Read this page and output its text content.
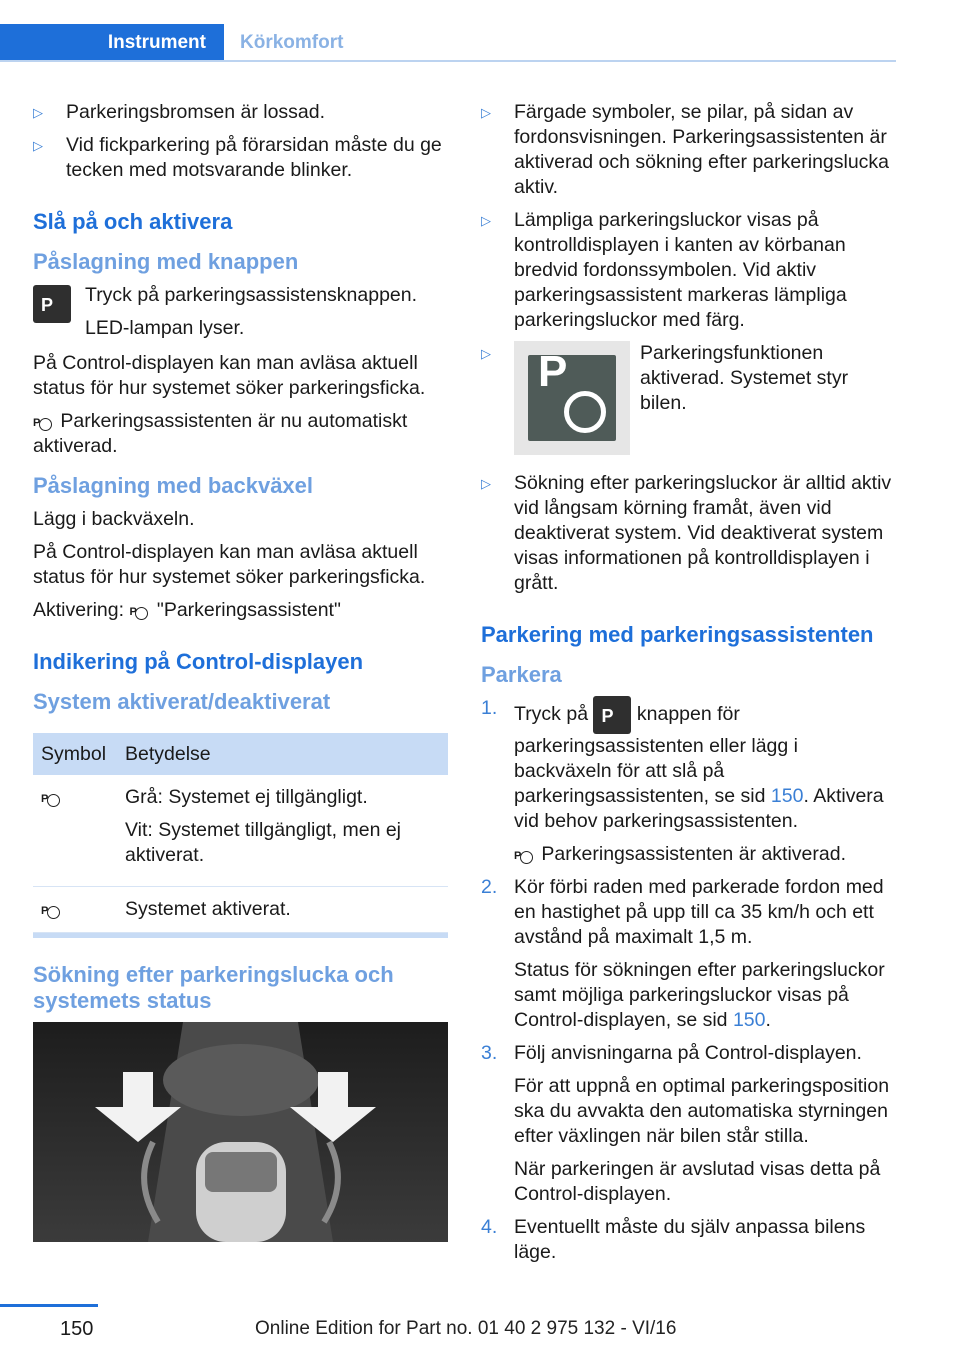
Instrument	Körkomfort
▷ Parkeringsbromsen är lossad.
▷ Vid fickparkering på förarsidan måste du ge tecken med motsvarande blinker.
Slå på och aktivera
Påslagning med knappen
P Tryck på parkeringsassistensknappen.

LED-lampan lyser.

På Control-displayen kan man avläsa aktuell status för hur systemet söker parkeringsficka.

P Parkeringsassistenten är nu automatiskt aktiverad.

Påslagning med backväxel

Lägg i backväxeln.

På Control-displayen kan man avläsa aktuell status för hur systemet söker parkeringsficka.

Aktivering: P "Parkeringsassistent"

Indikering på Control-displayen
System aktiverat/deaktiverat
Symbol	Betydelse

P	Grå: Systemet ej tillgängligt.

Vit: Systemet tillgängligt, men ej aktiverat.

P	Systemet aktiverat.
Sökning efter parkeringslucka och systemets status
▷ Färgade symboler, se pilar, på sidan av fordonsvisningen. Parkeringsassistenten är aktiverad och sökning efter parkeringslucka aktiv.
▷ Lämpliga parkeringsluckor visas på kontrolldisplayen i kanten av körbanan bredvid fordonssymbolen. Vid aktiv parkeringsassistent markeras lämpliga parkeringsluckor med färg.
▷ P	Parkeringsfunktionen aktiverad. Systemet styr bilen.
▷ Sökning efter parkeringsluckor är alltid aktiv vid långsam körning framåt, även vid deaktiverat system. Vid deaktiverat system visas informationen på kontrolldisplayen i grått.
Parkering med parkeringsassistenten
Parkera
1. Tryck på P knappen för parkeringsassistenten eller lägg i backväxeln för att slå på parkeringsassistenten, se sid 150. Aktivera vid behov parkeringsassistenten.

P Parkeringsassistenten är aktiverad.

2. Kör förbi raden med parkerade fordon med en hastighet på upp till ca 35 km/h och ett avstånd på maximalt 1,5 m.

Status för sökningen efter parkeringsluckor samt möjliga parkeringsluckor visas på Control-displayen, se sid 150.

3. Följ anvisningarna på Control-displayen.

För att uppnå en optimal parkeringsposition ska du avvakta den automatiska styrningen efter växlingen när bilen står stilla.

När parkeringen är avslutad visas detta på Control-displayen.

4. Eventuellt måste du själv anpassa bilens läge.

150	Online Edition for Part no. 01 40 2 975 132 - VI/16
